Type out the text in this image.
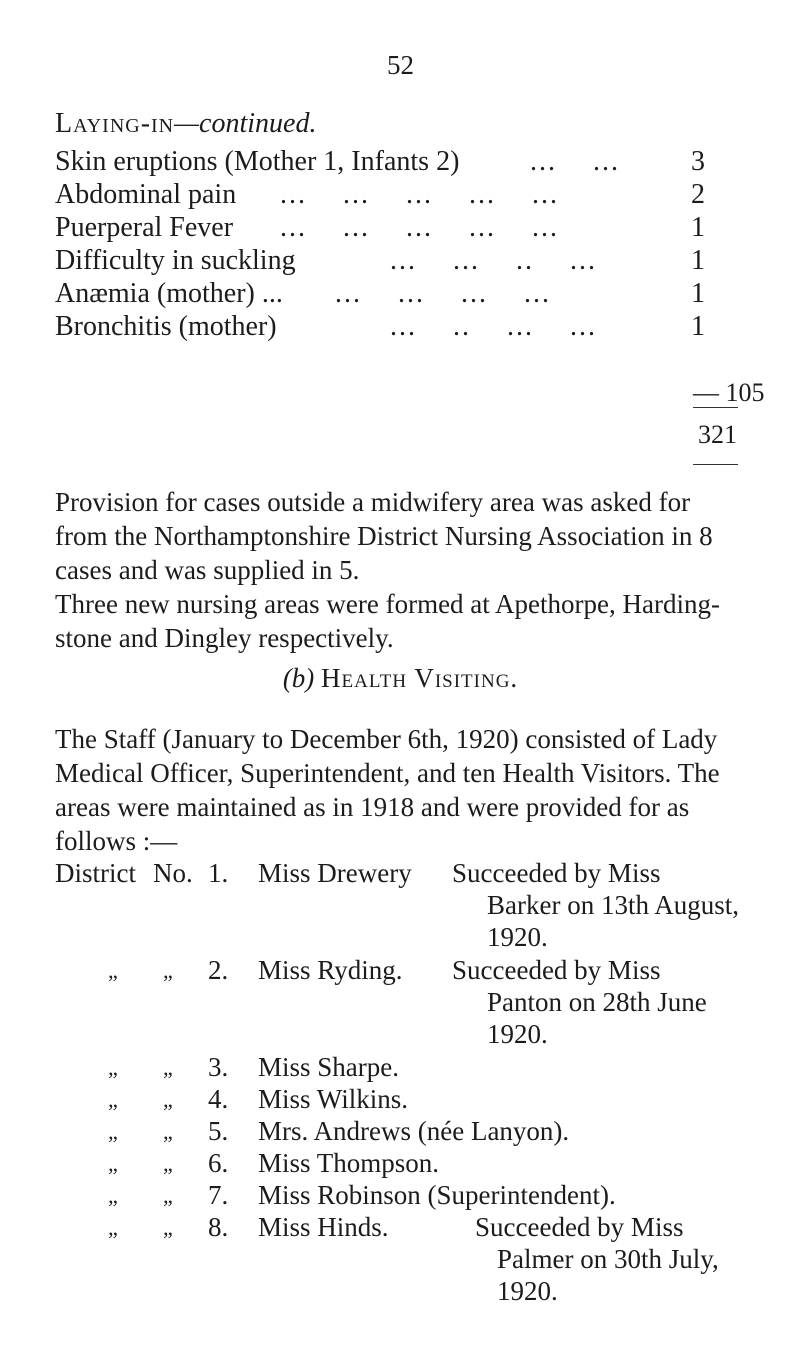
52
Laying-in—continued.
Skin eruptions (Mother 1, Infants 2)	...    ...	3
Abdominal pain ...    ...    ...    ...    ...	2
Puerperal Fever ...    ...    ...    ...    ...	1
Difficulty in suckling	...    ...    ..    ...	1
Anæmia (mother) ... ...    ...    ...    ...	1
Bronchitis (mother)	...    ..    ...    ...	1
— 105
321

Provision for cases outside a midwifery area was asked for from the Northamptonshire District Nursing Association in 8 cases and was supplied in 5.

Three new nursing areas were formed at Apethorpe, Harding-stone and Dingley respectively.

(b) Health Visiting.

The Staff (January to December 6th, 1920) consisted of Lady Medical Officer, Superintendent, and ten Health Visitors. The areas were maintained as in 1918 and were provided for as follows :—

District No. 1. Miss Drewery Succeeded by Miss
Barker on 13th August,
1920.
„ „ 2. Miss Ryding. Succeeded by Miss
Panton on 28th June
1920.
„ „ 3. Miss Sharpe.
„ „ 4. Miss Wilkins.
„ „ 5. Mrs. Andrews (née Lanyon).
„ „ 6. Miss Thompson.
„ „ 7. Miss Robinson (Superintendent).
„ „ 8. Miss Hinds.	Succeeded by Miss
Palmer on 30th July,
1920.
